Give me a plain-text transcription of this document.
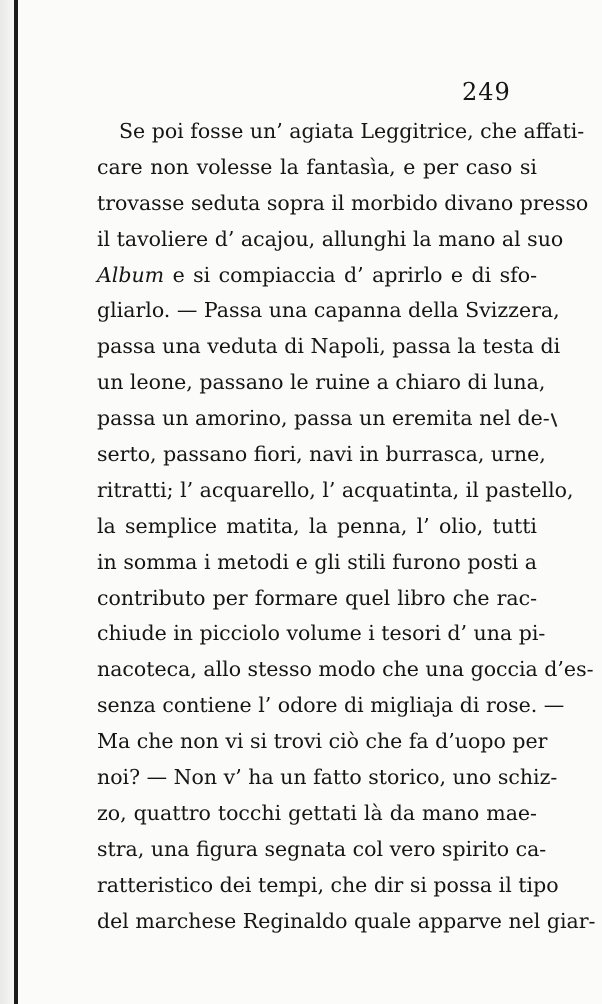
249
Se poi fosse un’ agiata Leggitrice, che affati-
care non volesse la fantasìa, e per caso si
trovasse seduta sopra il morbido divano presso
il tavoliere d’ acajou, allunghi la mano al suo
Album e si compiaccia d’ aprirlo e di sfo-
gliarlo. — Passa una capanna della Svizzera,
passa una veduta di Napoli, passa la testa di
un leone, passano le ruine a chiaro di luna,
passa un amorino, passa un eremita nel de-
serto, passano fiori, navi in burrasca, urne,
ritratti; l’ acquarello, l’ acquatinta, il pastello,
la semplice matita, la penna, l’ olio, tutti
in somma i metodi e gli stili furono posti a
contributo per formare quel libro che rac-
chiude in picciolo volume i tesori d’ una pi-
nacoteca, allo stesso modo che una goccia d’es-
senza contiene l’ odore di migliaja di rose. —
Ma che non vi si trovi ciò che fa d’uopo per
noi? — Non v’ ha un fatto storico, uno schiz-
zo, quattro tocchi gettati là da mano mae-
stra, una figura segnata col vero spirito ca-
ratteristico dei tempi, che dir si possa il tipo
del marchese Reginaldo quale apparve nel giar-
